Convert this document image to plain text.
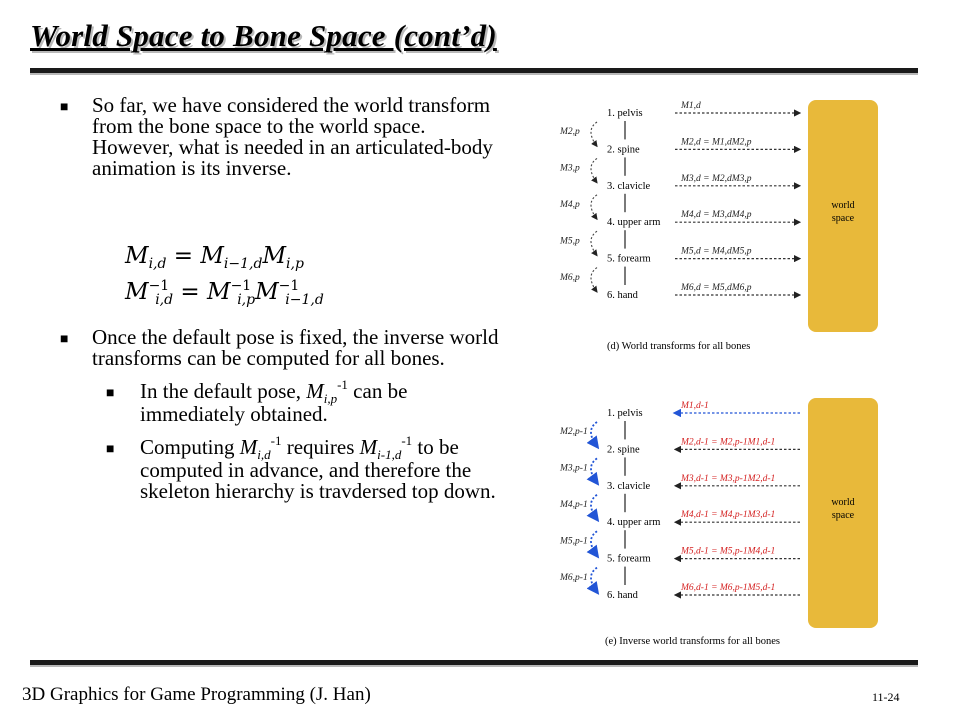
World Space to Bone Space (cont’d)
■ So far, we have considered the world transform from the bone space to the world space. However, what is needed in an articulated-body animation is its inverse.
■ Once the default pose is fixed, the inverse world transforms can be computed for all bones.
■ In the default pose, $M_{i,p}^{-1}$ can be immediately obtained.
■ Computing $M_{i,d}^{-1}$ requires $M_{i-1,d}^{-1}$ to be computed in advance, and therefore the skeleton hierarchy is travdersed top down.
$M_{i,d} = M_{i-1,d}M_{i,p}$
$M^{-1}_{i,d} = M^{-1}_{i,p}M^{-1}_{i-1,d}$
world
space
1. pelvis
M1,d
2. spine
M2,d = M1,dM2,p
M2,p
3. clavicle
M3,d = M2,dM3,p
M3,p
4. upper arm
M4,d = M3,dM4,p
M4,p
5. forearm
M5,d = M4,dM5,p
M5,p
6. hand
M6,d = M5,dM6,p
M6,p
(d) World transforms for all bones
world
space
1. pelvis
M1,d-1
2. spine
M2,d-1 = M2,p-1M1,d-1
M2,p-1
3. clavicle
M3,d-1 = M3,p-1M2,d-1
M3,p-1
4. upper arm
M4,d-1 = M4,p-1M3,d-1
M4,p-1
5. forearm
M5,d-1 = M5,p-1M4,d-1
M5,p-1
6. hand
M6,d-1 = M6,p-1M5,d-1
M6,p-1
(e) Inverse world transforms for all bones
3D Graphics for Game Programming (J. Han)	11-24
